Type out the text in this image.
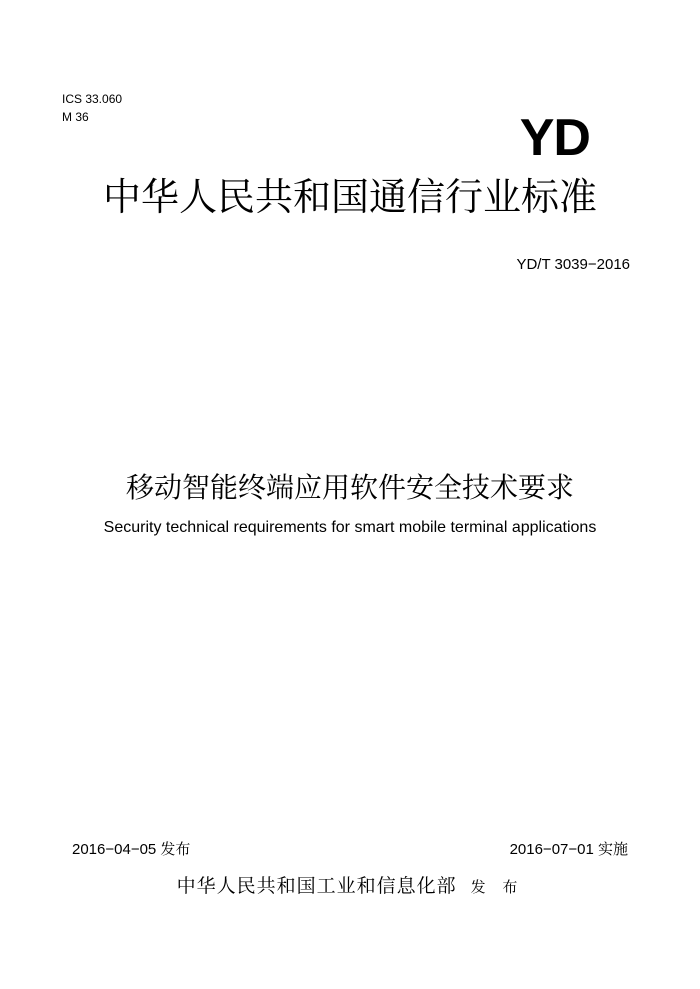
ICS 33.060
M 36	YD
中华人民共和国通信行业标准
YD/T 3039−2016
移动智能终端应用软件安全技术要求
Security technical requirements for smart mobile terminal applications
2016−04−05 发布	2016−07−01 实施
中华人民共和国工业和信息化部 发 布
